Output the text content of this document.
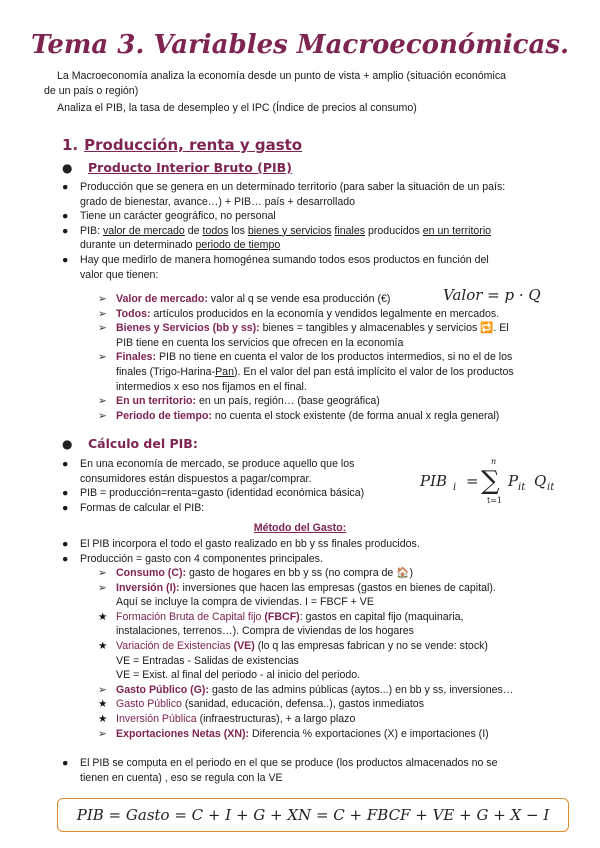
Tema 3. Variables Macroeconómicas.
La Macroeconomía analiza la economía desde un punto de vista + amplio (situación económica
de un país o región)
Analiza el PIB, la tasa de desempleo y el IPC (Índice de precios al consumo)
1. Producción, renta y gasto
● Producto Interior Bruto (PIB)
● Producción que se genera en un determinado territorio (para saber la situación de un país:
grado de bienestar, avance…) + PIB… país + desarrollado
● Tiene un carácter geográfico, no personal
● PIB: valor de mercado de todos los bienes y servicios finales producidos en un territorio
durante un determinado periodo de tiempo
● Hay que medirlo de manera homogénea sumando todos esos productos en función del
valor que tienen:
Valor = p · Q
➢ Valor de mercado: valor al q se vende esa producción (€)
➢ Todos: artículos producidos en la economía y vendidos legalmente en mercados.
➢ Bienes y Servicios (bb y ss): bienes = tangibles y almacenables y servicios 🔁. El
PIB tiene en cuenta los servicios que ofrecen en la economía
➢ Finales: PIB no tiene en cuenta el valor de los productos intermedios, si no el de los
finales (Trigo-Harina-Pan). En el valor del pan está implícito el valor de los productos
intermedios x eso nos fijamos en el final.
➢ En un territorio: en un país, región… (base geográfica)
➢ Periodo de tiempo: no cuenta el stock existente (de forma anual x regla general)
● Cálculo del PIB:
● En una economía de mercado, se produce aquello que los
consumidores están dispuestos a pagar/comprar.
● PIB = producción=renta=gasto (identidad económica básica)
● Formas de calcular el PIB:
PIB i =
n
∑
t=1
P it Q it
Método del Gasto:
● El PIB incorpora el todo el gasto realizado en bb y ss finales producidos.
● Producción = gasto con 4 componentes principales.
➢ Consumo (C): gasto de hogares en bb y ss (no compra de 🏠)
➢ Inversión (I): inversiones que hacen las empresas (gastos en bienes de capital).
Aquí se incluye la compra de viviendas. I = FBCF + VE
★ Formación Bruta de Capital fijo (FBCF): gastos en capital fijo (maquinaria,
instalaciones, terrenos…). Compra de viviendas de los hogares
★ Variación de Existencias (VE) (lo q las empresas fabrican y no se vende: stock)
VE = Entradas - Salidas de existencias
VE = Exist. al final del periodo - al inicio del periodo.
➢ Gasto Público (G): gasto de las admins públicas (aytos...) en bb y ss, inversiones…
★ Gasto Público (sanidad, educación, defensa..), gastos inmediatos
★ Inversión Pública (infraestructuras), + a largo plazo
➢ Exportaciones Netas (XN): Diferencia % exportaciones (X) e importaciones (I)
● El PIB se computa en el periodo en el que se produce (los productos almacenados no se
tienen en cuenta) , eso se regula con la VE
PIB = Gasto = C + I + G + XN = C + FBCF + VE + G + X − I
